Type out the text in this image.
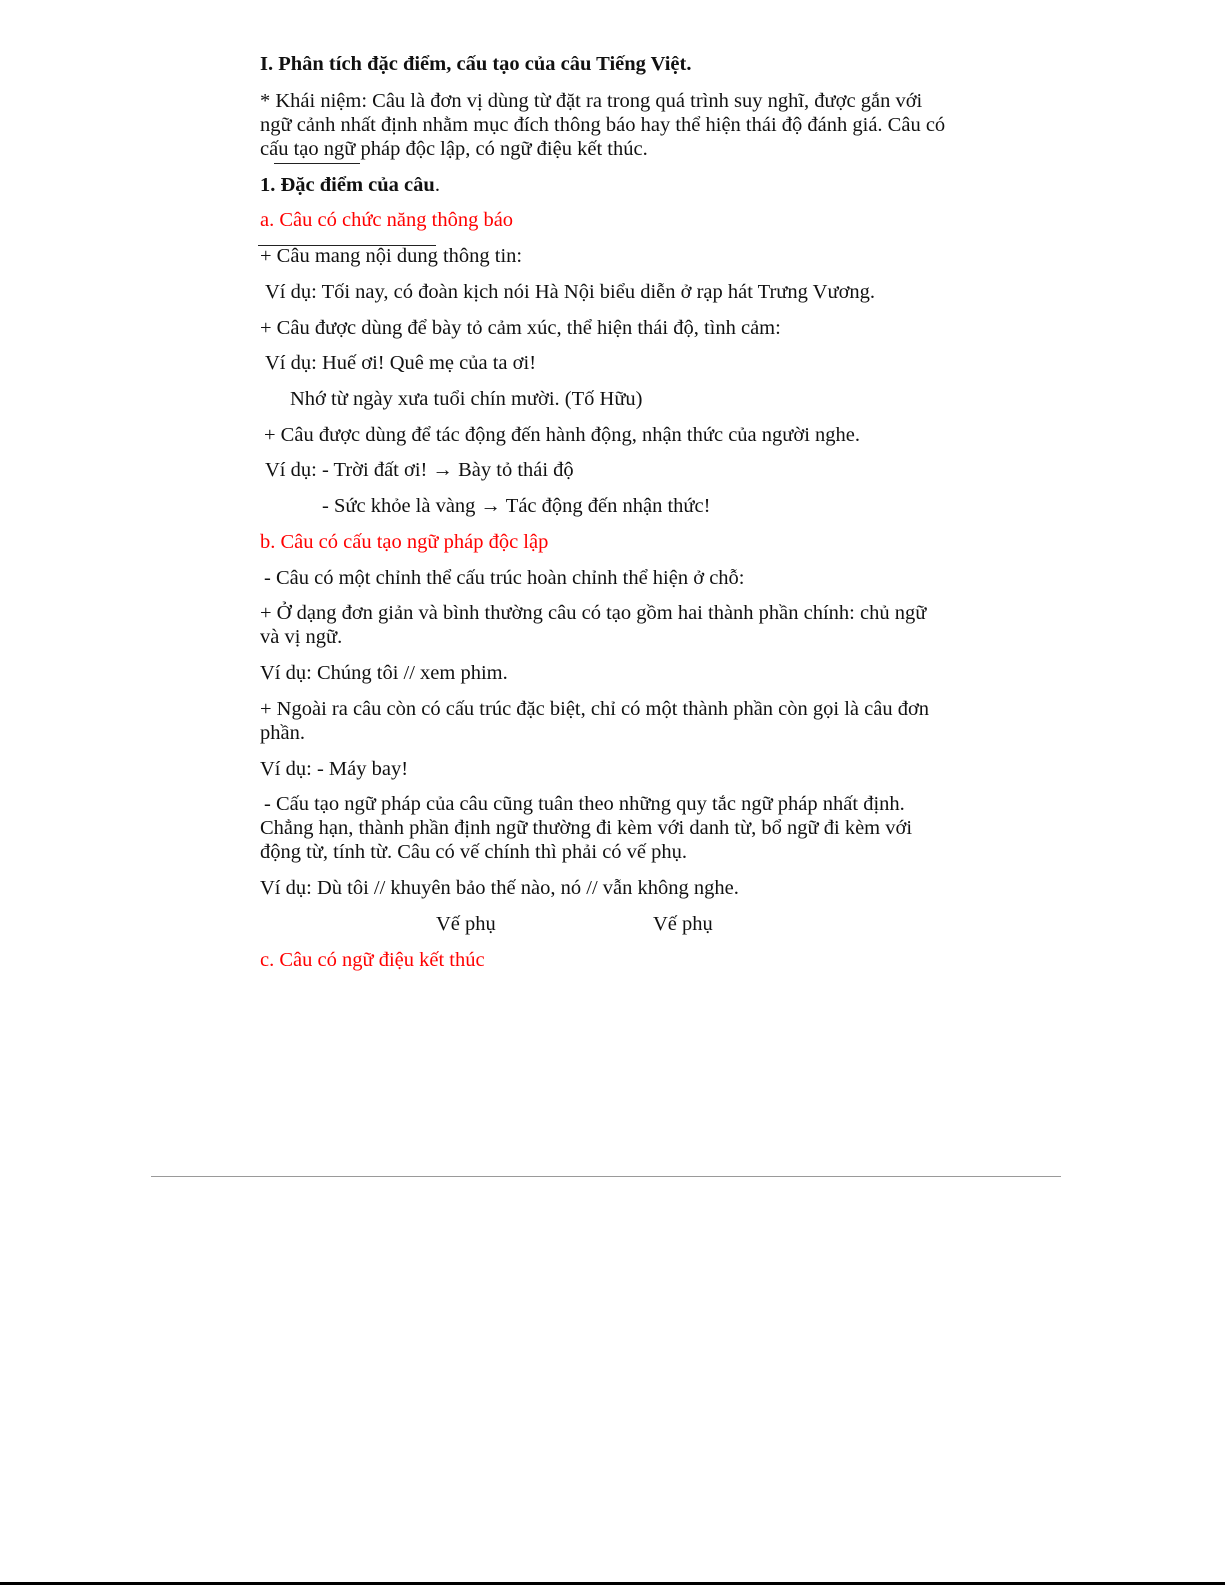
I. Phân tích đặc điểm, cấu tạo của câu Tiếng Việt.

* Khái niệm: Câu là đơn vị dùng từ đặt ra trong quá trình suy nghĩ, được gắn với

ngữ cảnh nhất định nhằm mục đích thông báo hay thể hiện thái độ đánh giá. Câu có

cấu tạo ngữ pháp độc lập, có ngữ điệu kết thúc.

1. Đặc điểm của câu.

a. Câu có chức năng thông báo

+ Câu mang nội dung thông tin:

Ví dụ: Tối nay, có đoàn kịch nói Hà Nội biểu diễn ở rạp hát Trưng Vương.

+ Câu được dùng để bày tỏ cảm xúc, thể hiện thái độ, tình cảm:

Ví dụ: Huế ơi! Quê mẹ của ta ơi!

Nhớ từ ngày xưa tuổi chín mười. (Tố Hữu)

+ Câu được dùng để tác động đến hành động, nhận thức của người nghe.

Ví dụ: - Trời đất ơi! → Bày tỏ thái độ

- Sức khỏe là vàng → Tác động đến nhận thức!

b. Câu có cấu tạo ngữ pháp độc lập

- Câu có một chỉnh thể cấu trúc hoàn chỉnh thể hiện ở chỗ:

+ Ở dạng đơn giản và bình thường câu có tạo gồm hai thành phần chính: chủ ngữ

và vị ngữ.

Ví dụ: Chúng tôi // xem phim.

+ Ngoài ra câu còn có cấu trúc đặc biệt, chỉ có một thành phần còn gọi là câu đơn

phần.

Ví dụ: - Máy bay!

- Cấu tạo ngữ pháp của câu cũng tuân theo những quy tắc ngữ pháp nhất định.

Chẳng hạn, thành phần định ngữ thường đi kèm với danh từ, bổ ngữ đi kèm với

động từ, tính từ. Câu có vế chính thì phải có vế phụ.

Ví dụ: Dù tôi // khuyên bảo thế nào, nó // vẫn không nghe.

Vế phụ	Vế phụ

c. Câu có ngữ điệu kết thúc
